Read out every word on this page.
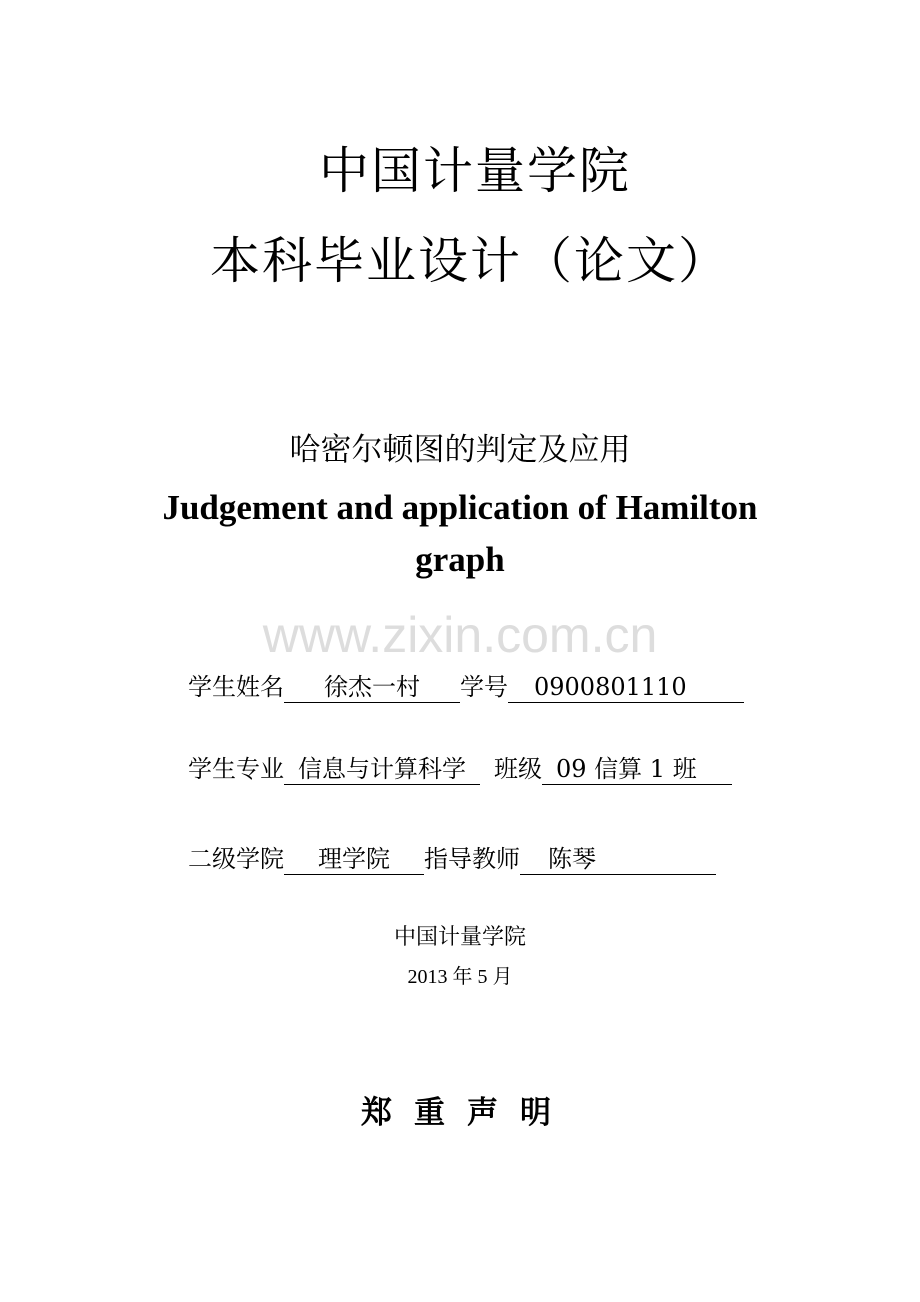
中国计量学院
本科毕业设计（论文）
哈密尔顿图的判定及应用
Judgement and application of Hamilton
graph
www.zixin.com.cn
学生姓名 徐杰一村 学号 0900801110
学生专业 信息与计算科学 班级 09 信算 1 班
二级学院 理学院 指导教师 陈琴
中国计量学院
2013 年 5 月
郑重声明
